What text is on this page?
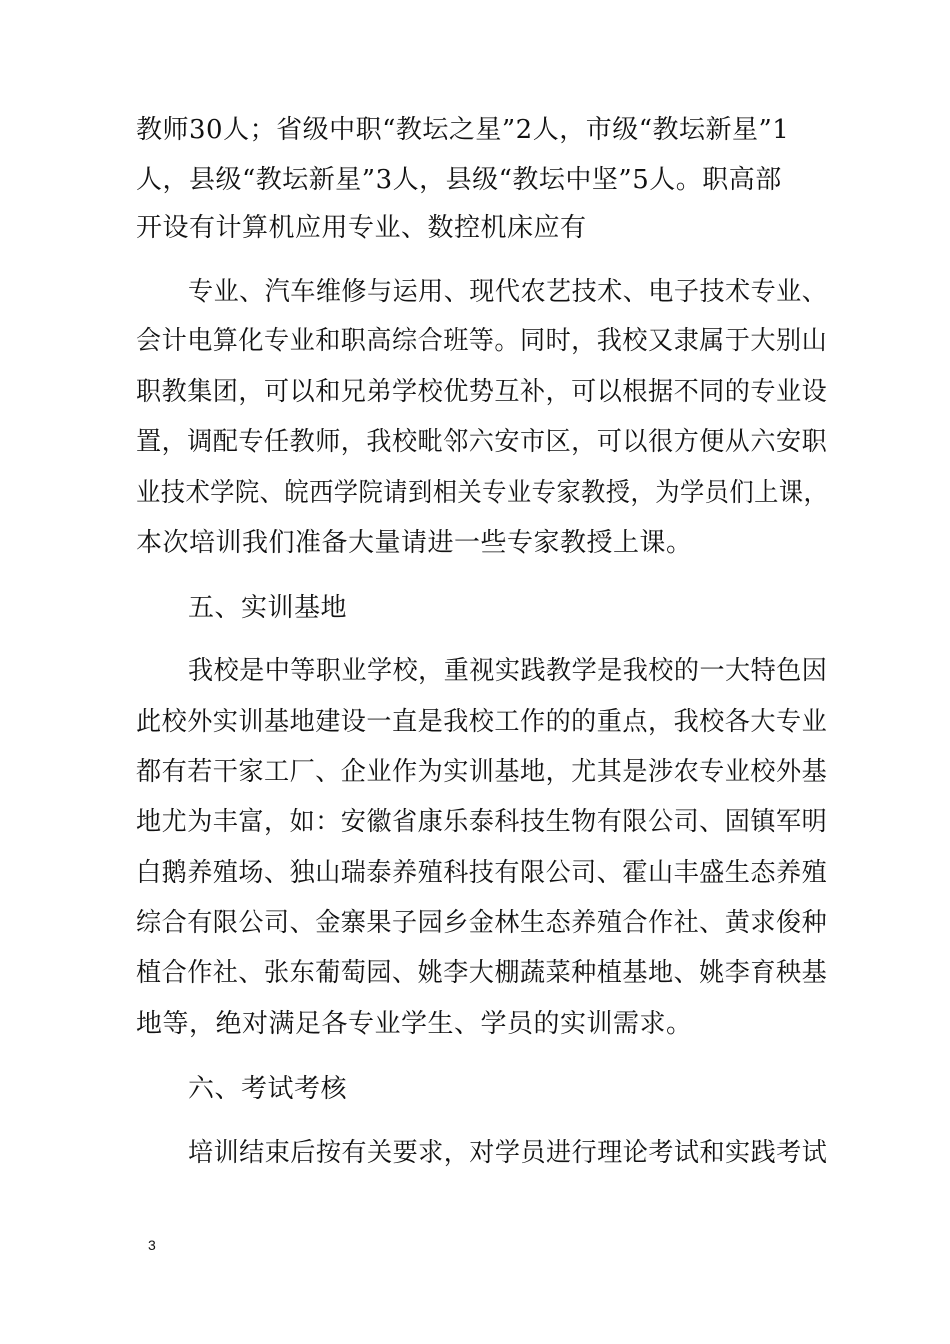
教师30人；省级中职“教坛之星”2人，市级“教坛新星”1
人，县级“教坛新星”3人，县级“教坛中坚”5人。职高部
开设有计算机应用专业、数控机床应有
专业、汽车维修与运用、现代农艺技术、电子技术专业、
会计电算化专业和职高综合班等。同时，我校又隶属于大别山
职教集团，可以和兄弟学校优势互补，可以根据不同的专业设
置，调配专任教师，我校毗邻六安市区，可以很方便从六安职
业技术学院、皖西学院请到相关专业专家教授，为学员们上课，
本次培训我们准备大量请进一些专家教授上课。
五、实训基地
我校是中等职业学校，重视实践教学是我校的一大特色因
此校外实训基地建设一直是我校工作的的重点，我校各大专业
都有若干家工厂、企业作为实训基地，尤其是涉农专业校外基
地尤为丰富，如：安徽省康乐泰科技生物有限公司、固镇军明
白鹅养殖场、独山瑞泰养殖科技有限公司、霍山丰盛生态养殖
综合有限公司、金寨果子园乡金林生态养殖合作社、黄求俊种
植合作社、张东葡萄园、姚李大棚蔬菜种植基地、姚李育秧基
地等，绝对满足各专业学生、学员的实训需求。
六、考试考核
培训结束后按有关要求，对学员进行理论考试和实践考试
3
